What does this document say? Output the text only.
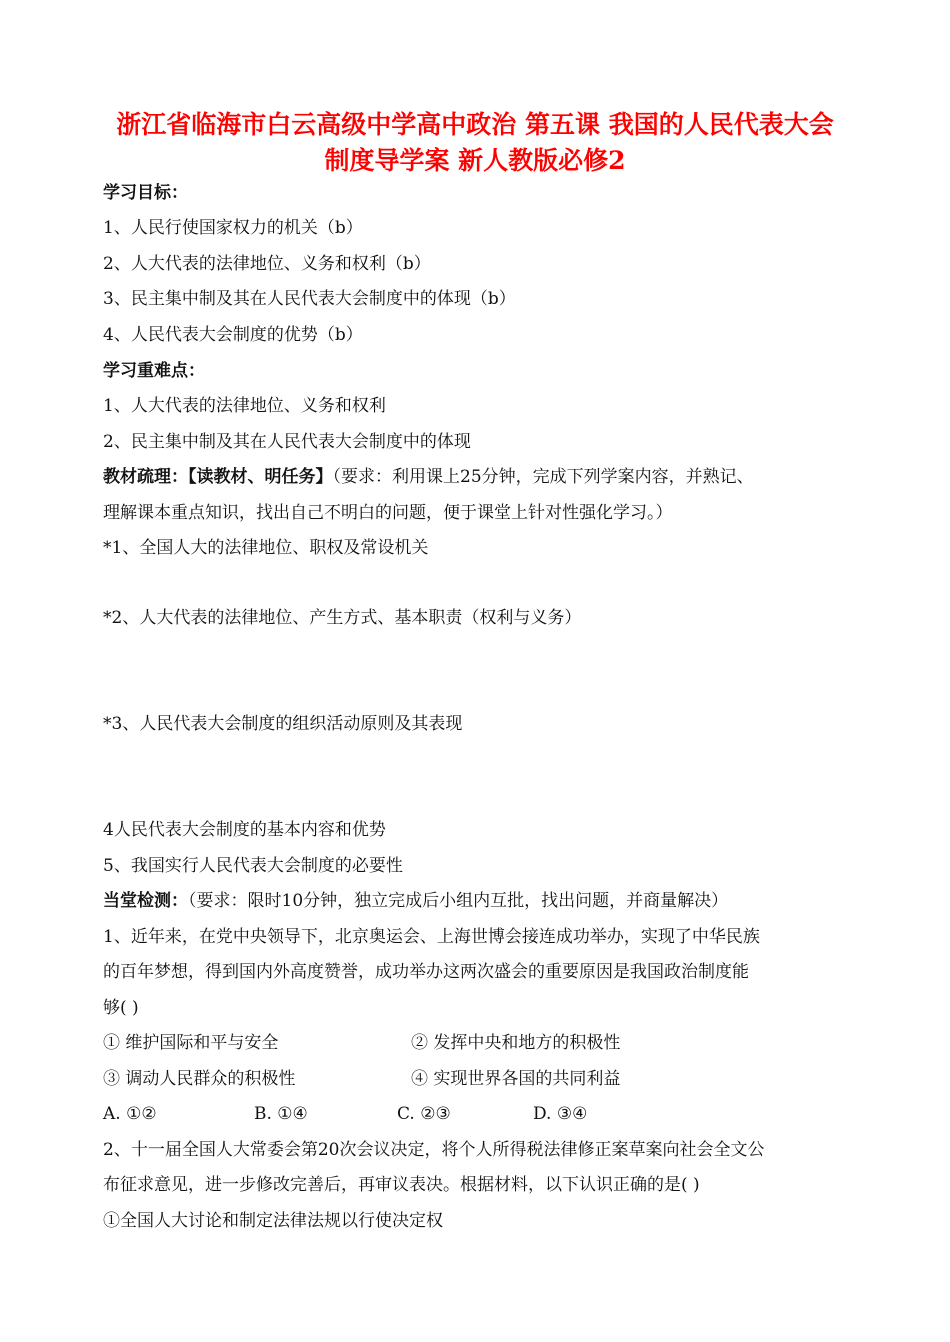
浙江省临海市白云高级中学高中政治 第五课 我国的人民代表大会
制度导学案 新人教版必修2
学习目标：
1、人民行使国家权力的机关（b）
2、人大代表的法律地位、义务和权利（b）
3、民主集中制及其在人民代表大会制度中的体现（b）
4、人民代表大会制度的优势（b）
学习重难点：
1、人大代表的法律地位、义务和权利
2、民主集中制及其在人民代表大会制度中的体现
教材疏理：【读教材、明任务】（要求：利用课上25分钟，完成下列学案内容，并熟记、
理解课本重点知识，找出自己不明白的问题，便于课堂上针对性强化学习。）
*1、全国人大的法律地位、职权及常设机关
*2、人大代表的法律地位、产生方式、基本职责（权利与义务）
*3、人民代表大会制度的组织活动原则及其表现
4人民代表大会制度的基本内容和优势
5、我国实行人民代表大会制度的必要性
当堂检测：（要求：限时10分钟，独立完成后小组内互批，找出问题，并商量解决）
1、近年来，在党中央领导下，北京奥运会、上海世博会接连成功举办，实现了中华民族
的百年梦想，得到国内外高度赞誉，成功举办这两次盛会的重要原因是我国政治制度能
够( )
① 维护国际和平与安全	② 发挥中央和地方的积极性
③ 调动人民群众的积极性	④ 实现世界各国的共同利益
A. ①②	B. ①④	C. ②③	D. ③④
2、十一届全国人大常委会第20次会议决定，将个人所得税法律修正案草案向社会全文公
布征求意见，进一步修改完善后，再审议表决。根据材料，以下认识正确的是( )
①全国人大讨论和制定法律法规以行使决定权
